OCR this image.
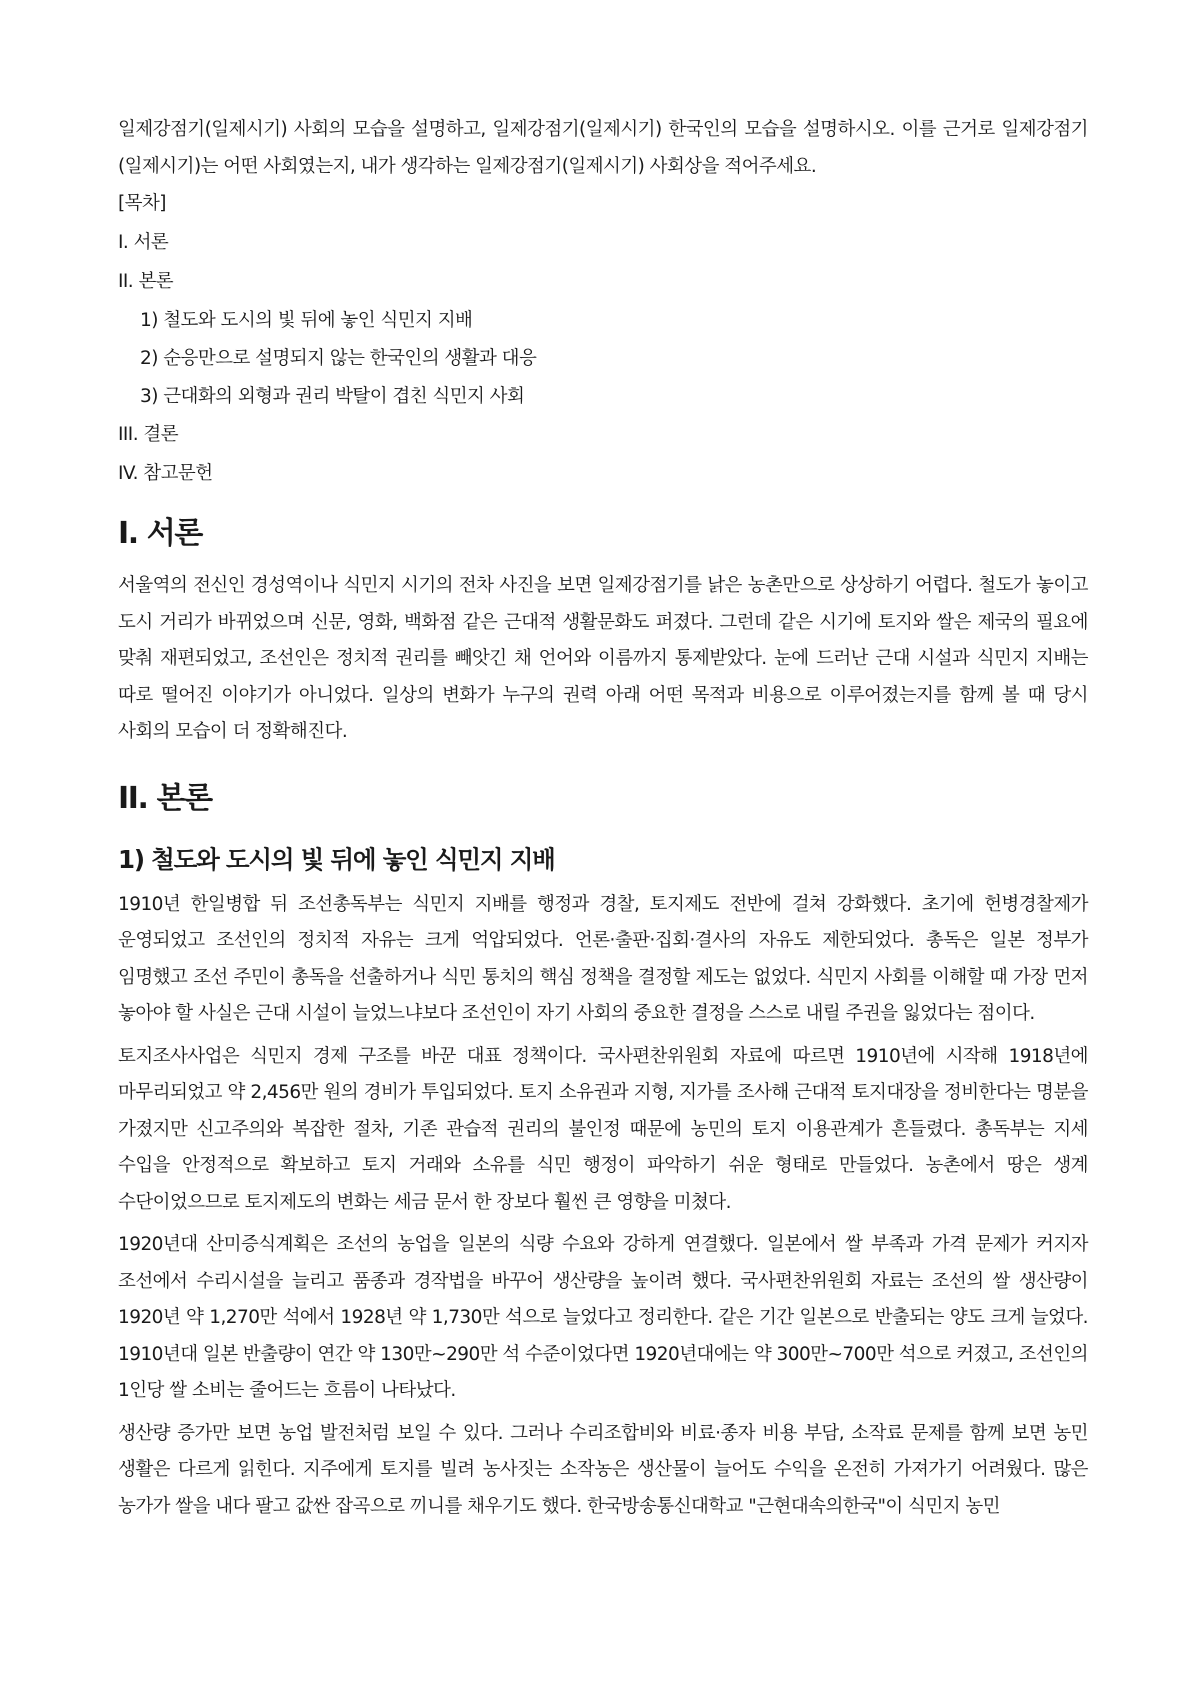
일제강점기(일제시기) 사회의 모습을 설명하고, 일제강점기(일제시기) 한국인의 모습을 설명하시오. 이를 근거로 일제강점기(일제시기)는 어떤 사회였는지, 내가 생각하는 일제강점기(일제시기) 사회상을 적어주세요.

[목차]
I. 서론
II. 본론
1) 철도와 도시의 빛 뒤에 놓인 식민지 지배
2) 순응만으로 설명되지 않는 한국인의 생활과 대응
3) 근대화의 외형과 권리 박탈이 겹친 식민지 사회
III. 결론
IV. 참고문헌
I. 서론

서울역의 전신인 경성역이나 식민지 시기의 전차 사진을 보면 일제강점기를 낡은 농촌만으로 상상하기 어렵다. 철도가 놓이고 도시 거리가 바뀌었으며 신문, 영화, 백화점 같은 근대적 생활문화도 퍼졌다. 그런데 같은 시기에 토지와 쌀은 제국의 필요에 맞춰 재편되었고, 조선인은 정치적 권리를 빼앗긴 채 언어와 이름까지 통제받았다. 눈에 드러난 근대 시설과 식민지 지배는 따로 떨어진 이야기가 아니었다. 일상의 변화가 누구의 권력 아래 어떤 목적과 비용으로 이루어졌는지를 함께 볼 때 당시 사회의 모습이 더 정확해진다.

II. 본론
1) 철도와 도시의 빛 뒤에 놓인 식민지 지배

1910년 한일병합 뒤 조선총독부는 식민지 지배를 행정과 경찰, 토지제도 전반에 걸쳐 강화했다. 초기에 헌병경찰제가 운영되었고 조선인의 정치적 자유는 크게 억압되었다. 언론·출판·집회·결사의 자유도 제한되었다. 총독은 일본 정부가 임명했고 조선 주민이 총독을 선출하거나 식민 통치의 핵심 정책을 결정할 제도는 없었다. 식민지 사회를 이해할 때 가장 먼저 놓아야 할 사실은 근대 시설이 늘었느냐보다 조선인이 자기 사회의 중요한 결정을 스스로 내릴 주권을 잃었다는 점이다.

토지조사사업은 식민지 경제 구조를 바꾼 대표 정책이다. 국사편찬위원회 자료에 따르면 1910년에 시작해 1918년에 마무리되었고 약 2,456만 원의 경비가 투입되었다. 토지 소유권과 지형, 지가를 조사해 근대적 토지대장을 정비한다는 명분을 가졌지만 신고주의와 복잡한 절차, 기존 관습적 권리의 불인정 때문에 농민의 토지 이용관계가 흔들렸다. 총독부는 지세 수입을 안정적으로 확보하고 토지 거래와 소유를 식민 행정이 파악하기 쉬운 형태로 만들었다. 농촌에서 땅은 생계 수단이었으므로 토지제도의 변화는 세금 문서 한 장보다 훨씬 큰 영향을 미쳤다.

1920년대 산미증식계획은 조선의 농업을 일본의 식량 수요와 강하게 연결했다. 일본에서 쌀 부족과 가격 문제가 커지자 조선에서 수리시설을 늘리고 품종과 경작법을 바꾸어 생산량을 높이려 했다. 국사편찬위원회 자료는 조선의 쌀 생산량이 1920년 약 1,270만 석에서 1928년 약 1,730만 석으로 늘었다고 정리한다. 같은 기간 일본으로 반출되는 양도 크게 늘었다. 1910년대 일본 반출량이 연간 약 130만~290만 석 수준이었다면 1920년대에는 약 300만~700만 석으로 커졌고, 조선인의 1인당 쌀 소비는 줄어드는 흐름이 나타났다.

생산량 증가만 보면 농업 발전처럼 보일 수 있다. 그러나 수리조합비와 비료·종자 비용 부담, 소작료 문제를 함께 보면 농민 생활은 다르게 읽힌다. 지주에게 토지를 빌려 농사짓는 소작농은 생산물이 늘어도 수익을 온전히 가져가기 어려웠다. 많은 농가가 쌀을 내다 팔고 값싼 잡곡으로 끼니를 채우기도 했다. 한국방송통신대학교 "근현대속의한국"이 식민지 농민
